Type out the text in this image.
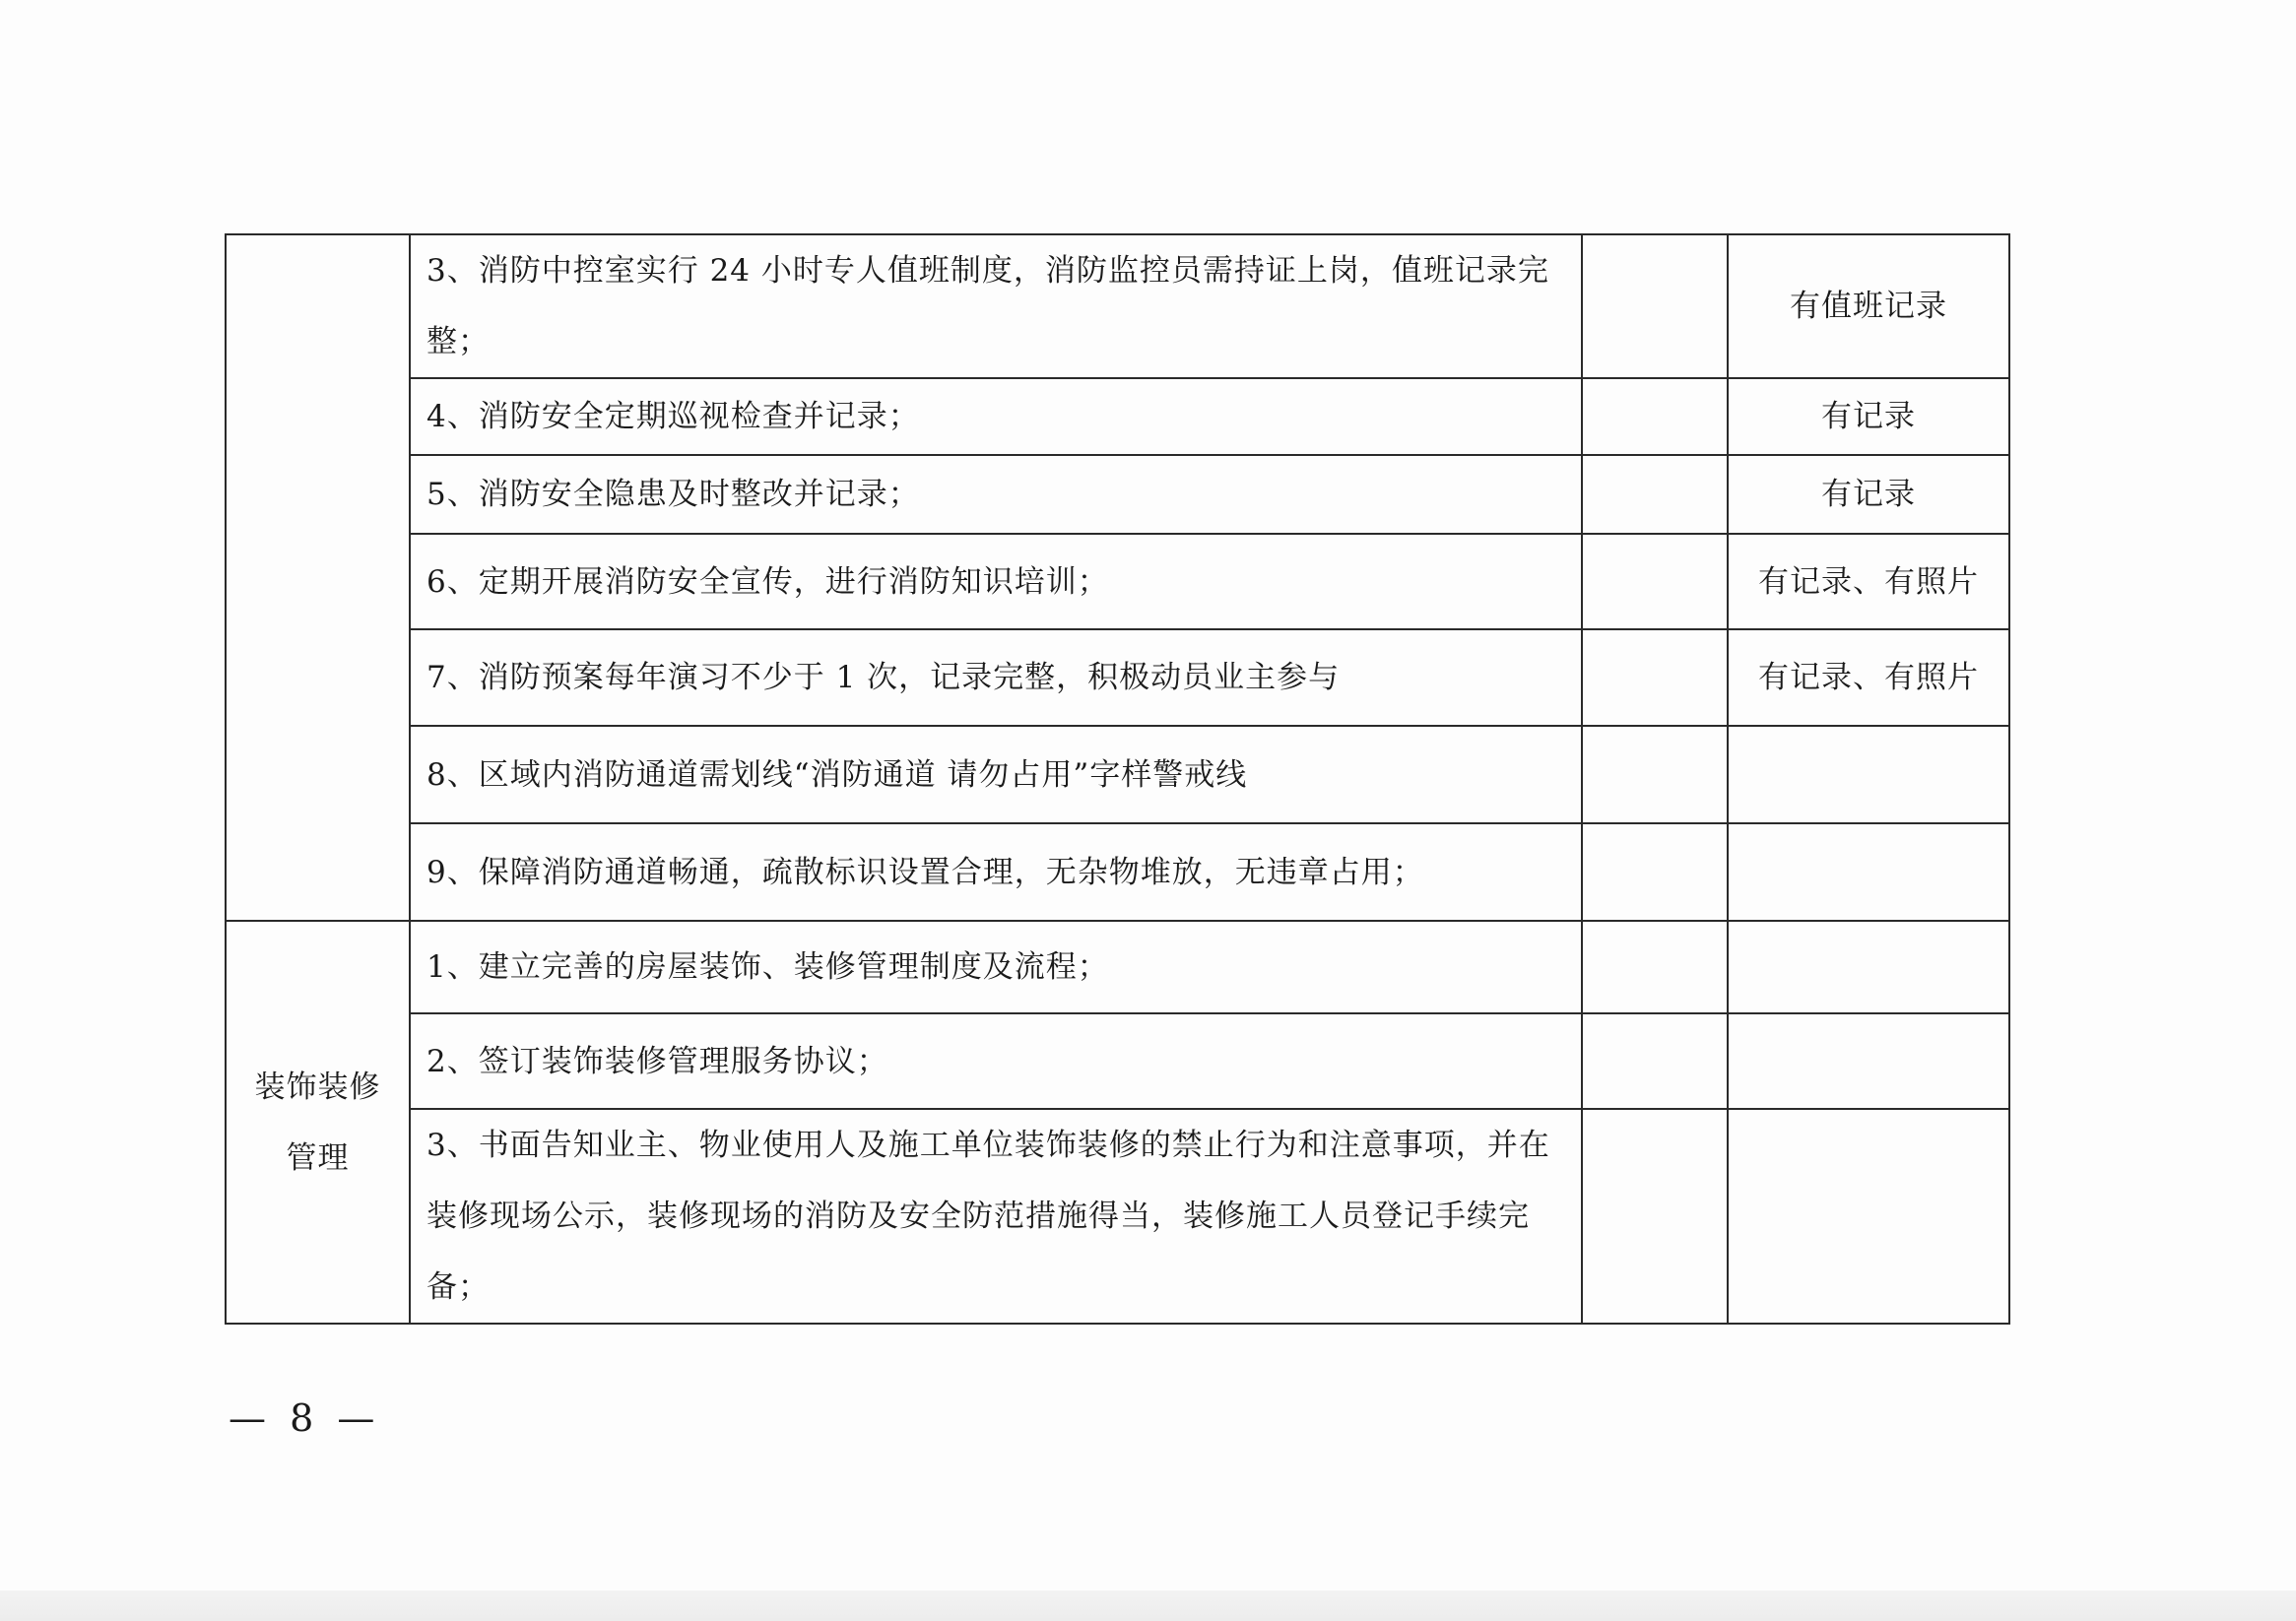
	3、消防中控室实行 24 小时专人值班制度，消防监控员需持证上岗，值班记录完整；		有值班记录
	4、消防安全定期巡视检查并记录；		有记录
	5、消防安全隐患及时整改并记录；		有记录
	6、定期开展消防安全宣传，进行消防知识培训；		有记录、有照片
	7、消防预案每年演习不少于 1 次，记录完整，积极动员业主参与		有记录、有照片
	8、区域内消防通道需划线“消防通道 请勿占用”字样警戒线		
	9、保障消防通道畅通，疏散标识设置合理，无杂物堆放，无违章占用；		
装饰装修管理	1、建立完善的房屋装饰、装修管理制度及流程；		
	2、签订装饰装修管理服务协议；		
	3、书面告知业主、物业使用人及施工单位装饰装修的禁止行为和注意事项，并在装修现场公示，装修现场的消防及安全防范措施得当，装修施工人员登记手续完备；		
— 8 —
